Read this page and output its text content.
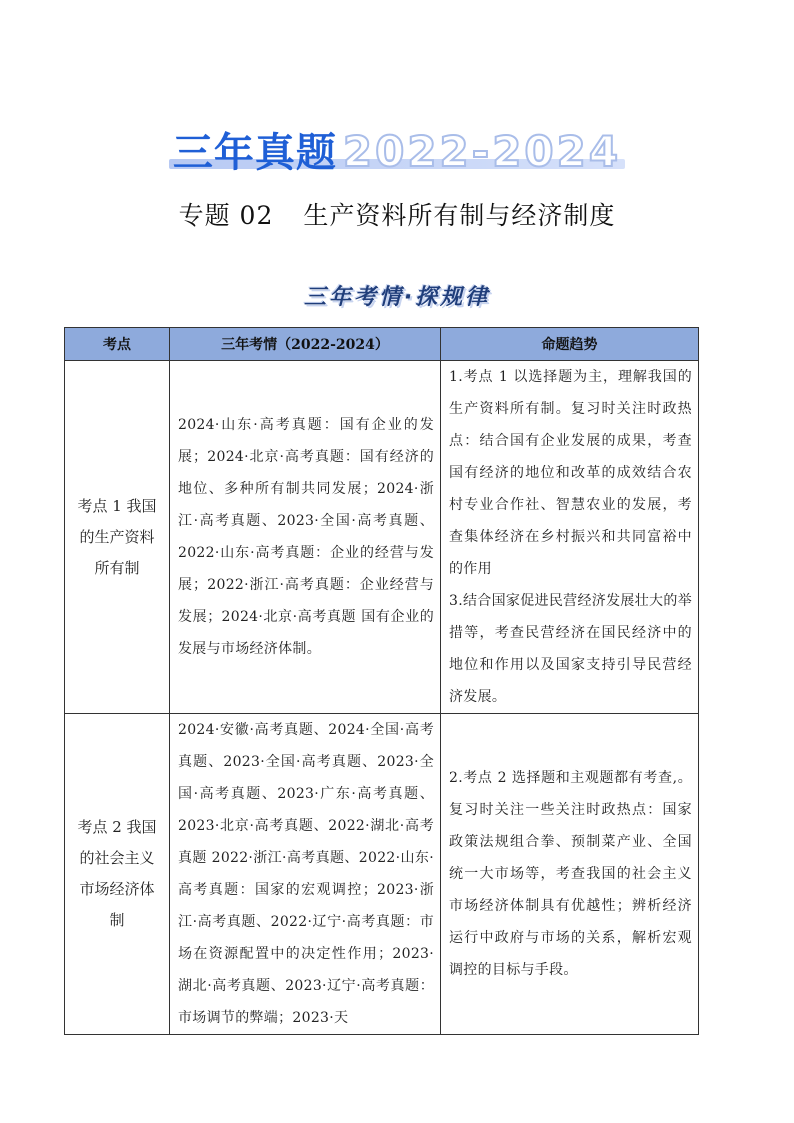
三年真题 2022-2024
专题 02 生产资料所有制与经济制度
三年考情·探规律
考点	三年考情（2022-2024）	命题趋势
考点 1 我国的生产资料所有制	2024·山东·高考真题：国有企业的发展；2024·北京·高考真题：国有经济的地位、多种所有制共同发展；2024·浙江·高考真题、2023·全国·高考真题、2022·山东·高考真题：企业的经营与发展；2022·浙江·高考真题：企业经营与发展；2024·北京·高考真题 国有企业的发展与市场经济体制。	1.考点 1 以选择题为主，理解我国的生产资料所有制。复习时关注时政热点：结合国有企业发展的成果，考查国有经济的地位和改革的成效结合农村专业合作社、智慧农业的发展，考查集体经济在乡村振兴和共同富裕中的作用
3.结合国家促进民营经济发展壮大的举措等，考查民营经济在国民经济中的地位和作用以及国家支持引导民营经济发展。

考点 2 我国的社会主义市场经济体制	2024·安徽·高考真题、2024·全国·高考真题、2023·全国·高考真题、2023·全国·高考真题、2023·广东·高考真题、2023·北京·高考真题、2022·湖北·高考真题 2022·浙江·高考真题、2022·山东·高考真题：国家的宏观调控；2023·浙江·高考真题、2022·辽宁·高考真题：市场在资源配置中的决定性作用；2023·湖北·高考真题、2023·辽宁·高考真题：市场调节的弊端；2023·天	2.考点 2 选择题和主观题都有考查,。复习时关注一些关注时政热点：国家政策法规组合拳、预制菜产业、全国统一大市场等，考查我国的社会主义市场经济体制具有优越性；辨析经济运行中政府与市场的关系，解析宏观调控的目标与手段。
